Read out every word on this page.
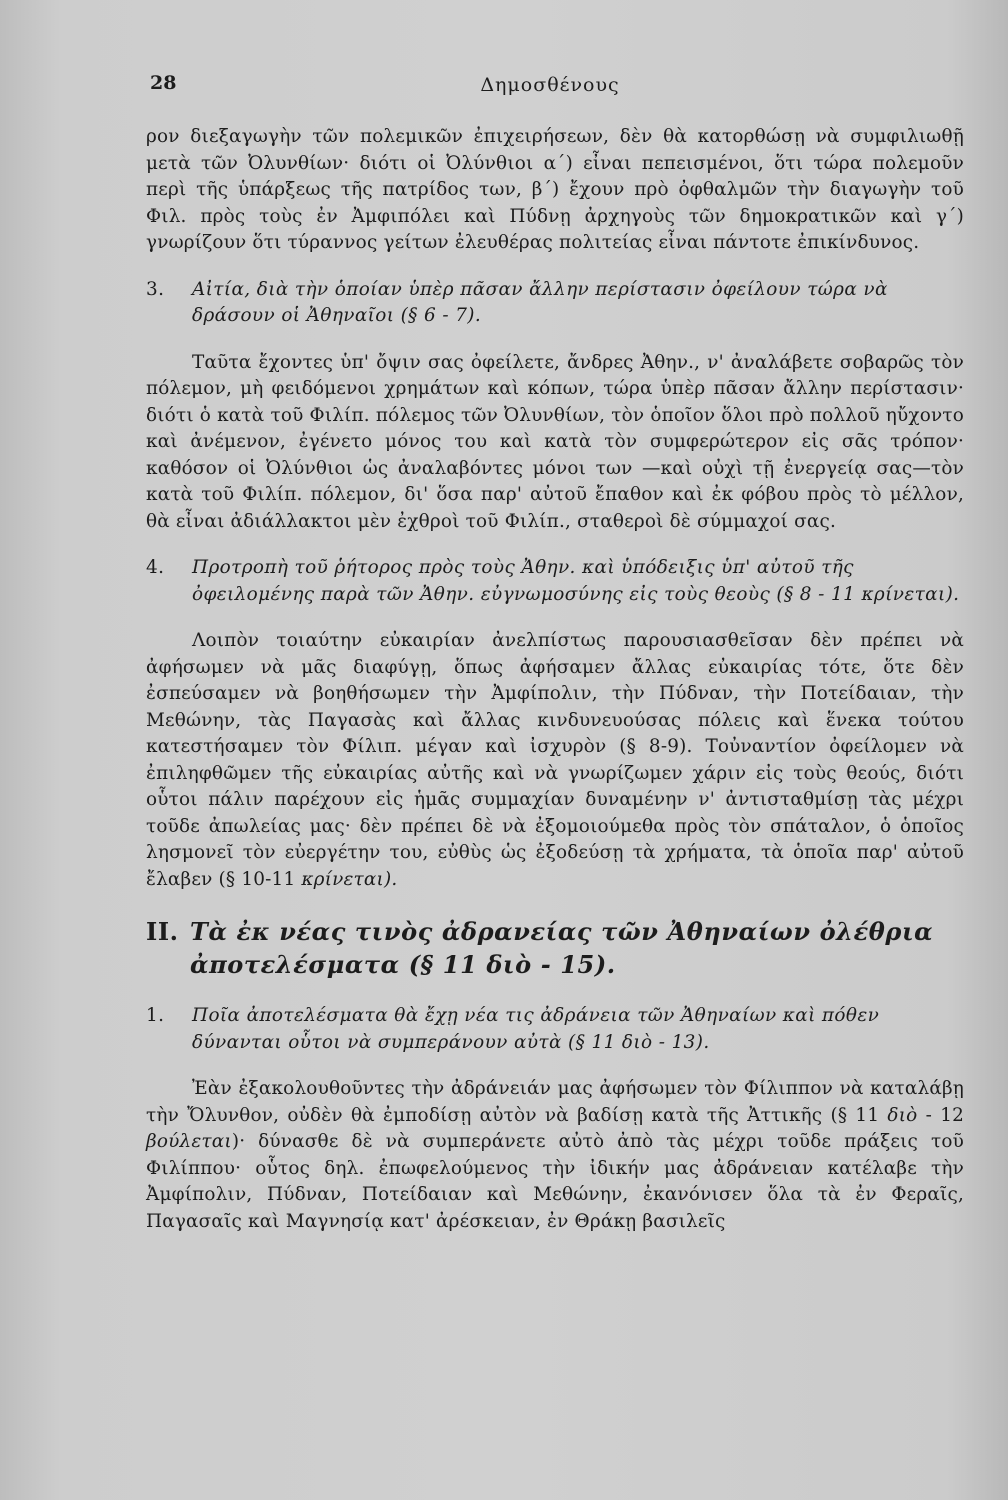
28	Δημοσθένους

ρον διεξαγωγὴν τῶν πολεμικῶν ἐπιχειρήσεων, δὲν θὰ κατορθώσῃ νὰ συμφιλιωθῇ μετὰ τῶν Ὀλυνθίων· διότι οἱ Ὀλύνθιοι α΄) εἶναι πεπεισμένοι, ὅτι τώρα πολεμοῦν περὶ τῆς ὑπάρξεως τῆς πατρίδος των, β΄) ἔχουν πρὸ ὀφθαλμῶν τὴν διαγωγὴν τοῦ Φιλ. πρὸς τοὺς ἐν Ἀμφιπόλει καὶ Πύδνῃ ἀρχηγοὺς τῶν δημοκρατικῶν καὶ γ΄) γνωρίζουν ὅτι τύραννος γείτων ἐλευθέρας πολιτείας εἶναι πάντοτε ἐπικίνδυνος.

3. Αἰτία, διὰ τὴν ὁποίαν ὑπὲρ πᾶσαν ἄλλην περίστασιν ὀφείλουν τώρα νὰ δράσουν οἱ Ἀθηναῖοι (§ 6 - 7).

Ταῦτα ἔχοντες ὑπ' ὄψιν σας ὀφείλετε, ἄνδρες Ἀθην., ν' ἀναλάβετε σοβαρῶς τὸν πόλεμον, μὴ φειδόμενοι χρημάτων καὶ κόπων, τώρα ὑπὲρ πᾶσαν ἄλλην περίστασιν· διότι ὁ κατὰ τοῦ Φιλίπ. πόλεμος τῶν Ὀλυνθίων, τὸν ὁποῖον ὅλοι πρὸ πολλοῦ ηὔχοντο καὶ ἀνέμενον, ἐγένετο μόνος του καὶ κατὰ τὸν συμφερώτερον εἰς σᾶς τρόπον· καθόσον οἱ Ὀλύνθιοι ὡς ἀναλαβόντες μόνοι των —καὶ οὐχὶ τῇ ἐνεργείᾳ σας—τὸν κατὰ τοῦ Φιλίπ. πόλεμον, δι' ὅσα παρ' αὐτοῦ ἔπαθον καὶ ἐκ φόβου πρὸς τὸ μέλλον, θὰ εἶναι ἀδιάλλακτοι μὲν ἐχθροὶ τοῦ Φιλίπ., σταθεροὶ δὲ σύμμαχοί σας.

4. Προτροπὴ τοῦ ῥήτορος πρὸς τοὺς Ἀθην. καὶ ὑπόδειξις ὑπ' αὐτοῦ τῆς ὀφειλομένης παρὰ τῶν Ἀθην. εὐγνωμοσύνης εἰς τοὺς θεοὺς (§ 8 - 11 κρίνεται).

Λοιπὸν τοιαύτην εὐκαιρίαν ἀνελπίστως παρουσιασθεῖσαν δὲν πρέπει νὰ ἀφήσωμεν νὰ μᾶς διαφύγῃ, ὅπως ἀφήσαμεν ἄλλας εὐκαιρίας τότε, ὅτε δὲν ἐσπεύσαμεν νὰ βοηθήσωμεν τὴν Ἀμφίπολιν, τὴν Πύδναν, τὴν Ποτείδαιαν, τὴν Μεθώνην, τὰς Παγασὰς καὶ ἄλλας κινδυνευούσας πόλεις καὶ ἕνεκα τούτου κατεστήσαμεν τὸν Φίλιπ. μέγαν καὶ ἰσχυρὸν (§ 8-9). Τοὐναντίον ὀφείλομεν νὰ ἐπιληφθῶμεν τῆς εὐκαιρίας αὐτῆς καὶ νὰ γνωρίζωμεν χάριν εἰς τοὺς θεούς, διότι οὗτοι πάλιν παρέχουν εἰς ἡμᾶς συμμαχίαν δυναμένην ν' ἀντισταθμίσῃ τὰς μέχρι τοῦδε ἀπωλείας μας· δὲν πρέπει δὲ νὰ ἐξομοιούμεθα πρὸς τὸν σπάταλον, ὁ ὁποῖος λησμονεῖ τὸν εὐεργέτην του, εὐθὺς ὡς ἐξοδεύσῃ τὰ χρήματα, τὰ ὁποῖα παρ' αὐτοῦ ἔλαβεν (§ 10-11 κρίνεται).

II. Τὰ ἐκ νέας τινὸς ἀδρανείας τῶν Ἀθηναίων ὀλέθρια ἀποτελέσματα (§ 11 διὸ - 15).
1. Ποῖα ἀποτελέσματα θὰ ἔχῃ νέα τις ἀδράνεια τῶν Ἀθηναίων καὶ πόθεν δύνανται οὗτοι νὰ συμπεράνουν αὐτὰ (§ 11 διὸ - 13).

Ἐὰν ἐξακολουθοῦντες τὴν ἀδράνειάν μας ἀφήσωμεν τὸν Φίλιππον νὰ καταλάβῃ τὴν Ὄλυνθον, οὐδὲν θὰ ἐμποδίσῃ αὐτὸν νὰ βαδίσῃ κατὰ τῆς Ἀττικῆς (§ 11 διὸ - 12 βούλεται)· δύνασθε δὲ νὰ συμπεράνετε αὐτὸ ἀπὸ τὰς μέχρι τοῦδε πράξεις τοῦ Φιλίππου· οὗτος δηλ. ἐπωφελούμενος τὴν ἰδικήν μας ἀδράνειαν κατέλαβε τὴν Ἀμφίπολιν, Πύδναν, Ποτείδαιαν καὶ Μεθώνην, ἐκανόνισεν ὅλα τὰ ἐν Φεραῖς, Παγασαῖς καὶ Μαγνησίᾳ κατ' ἀρέσκειαν, ἐν Θράκῃ βασιλεῖς
